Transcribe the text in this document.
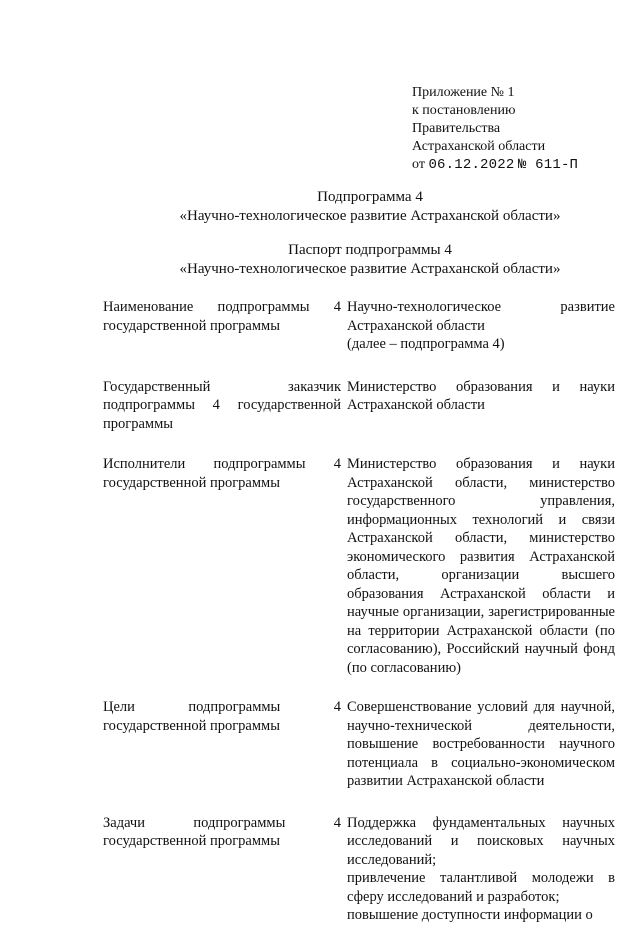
Приложение № 1
к постановлению
Правительства
Астраханской области
от 06.12.2022 № 611-П
Подпрограмма 4
«Научно-технологическое развитие Астраханской области»
Паспорт подпрограммы 4
«Научно-технологическое развитие Астраханской области»
Наименование подпрограммы 4 государственной программы
Научно-технологическое развитие Астраханской области
(далее – подпрограмма 4)
Государственный заказчик подпрограммы 4 государственной программы
Министерство образования и науки Астраханской области
Исполнители подпрограммы 4 государственной программы
Министерство образования и науки Астраханской области, министерство государственного управления, информационных технологий и связи Астраханской области, министерство экономического развития Астраханской области, организации высшего образования Астраханской области и научные организации, зарегистрированные на территории Астраханской области (по согласованию), Российский научный фонд (по согласованию)
Цели подпрограммы 4 государственной программы
Совершенствование условий для научной, научно-технической деятельности, повышение востребованности научного потенциала в социально-экономическом развитии Астраханской области
Задачи подпрограммы 4 государственной программы
Поддержка фундаментальных научных исследований и поисковых научных исследований;
привлечение талантливой молодежи в сферу исследований и разработок;
повышение доступности информации о
